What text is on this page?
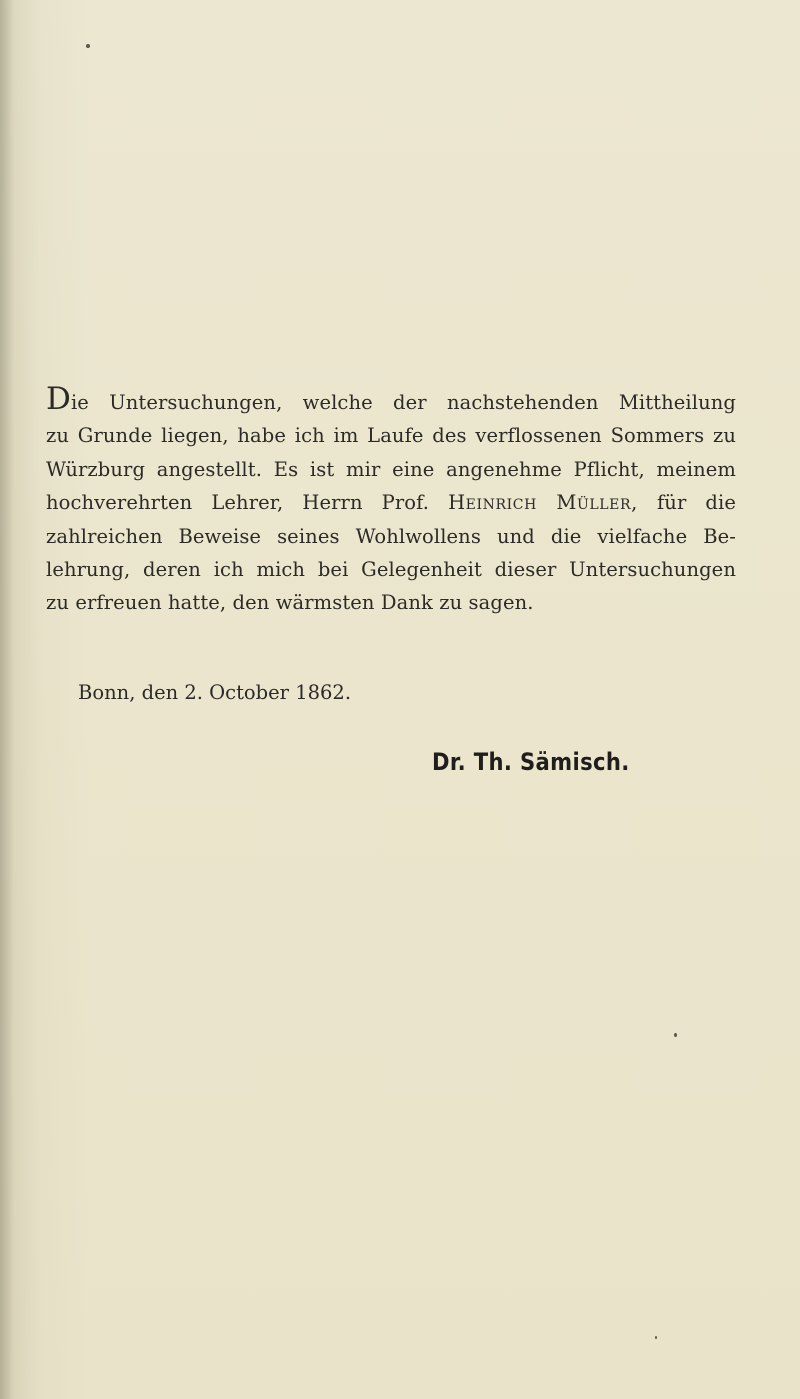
Die Untersuchungen, welche der nachstehenden Mittheilung
zu Grunde liegen, habe ich im Laufe des verflossenen Sommers zu
Würzburg angestellt. Es ist mir eine angenehme Pflicht, meinem
hochverehrten Lehrer, Herrn Prof. Heinrich Müller, für die
zahlreichen Beweise seines Wohlwollens und die vielfache Be-
lehrung, deren ich mich bei Gelegenheit dieser Untersuchungen
zu erfreuen hatte, den wärmsten Dank zu sagen.
Bonn, den 2. October 1862.
Dr. Th. Sämisch.
